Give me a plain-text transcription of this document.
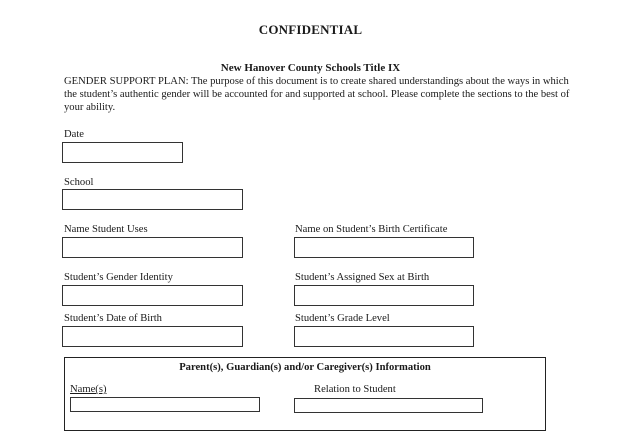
CONFIDENTIAL
New Hanover County Schools Title IX
GENDER SUPPORT PLAN: The purpose of this document is to create shared understandings about the ways in which the student’s authentic gender will be accounted for and supported at school. Please complete the sections to the best of your ability.
Date
School
Name Student Uses	Name on Student’s Birth Certificate
Student’s Gender Identity	Student’s Assigned Sex at Birth
Student’s Date of Birth	Student’s Grade Level
Parent(s), Guardian(s) and/or Caregiver(s) Information
Name(s)	Relation to Student
